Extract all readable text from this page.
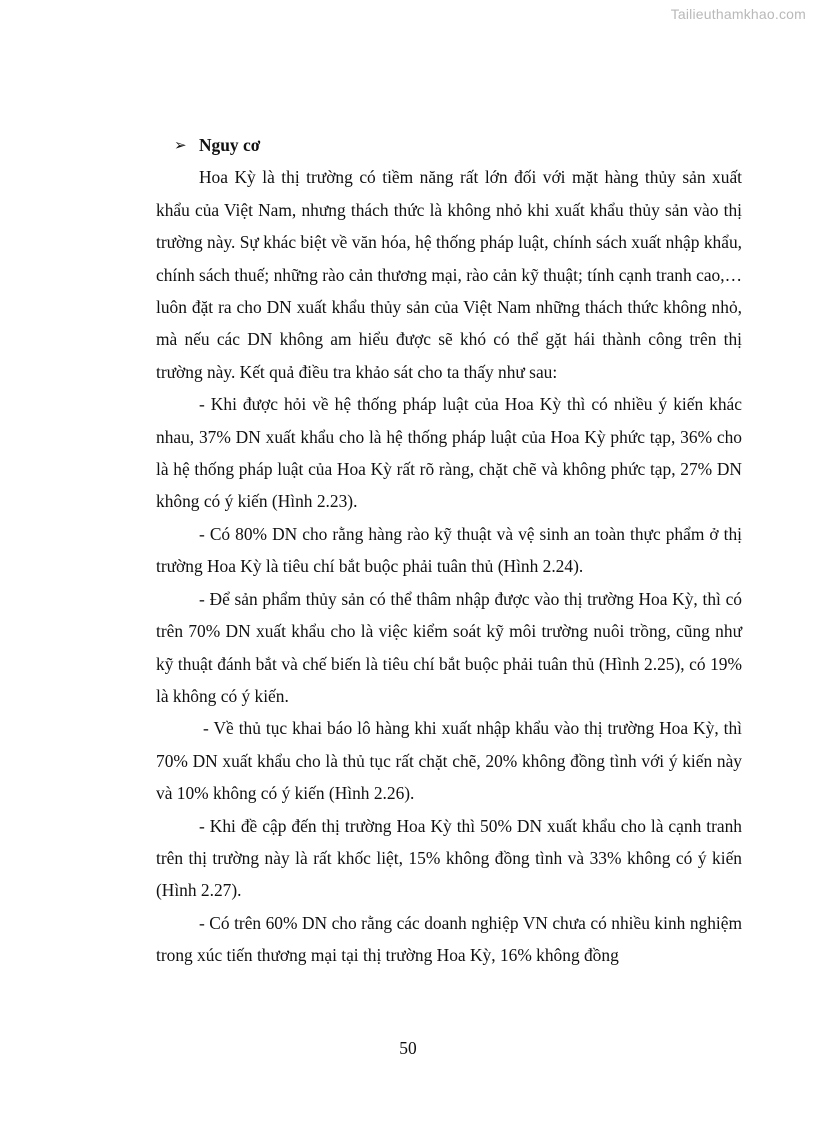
Tailieuthamkhao.com
➢ Nguy cơ

Hoa Kỳ là thị trường có tiềm năng rất lớn đối với mặt hàng thủy sản xuất khẩu của Việt Nam, nhưng thách thức là không nhỏ khi xuất khẩu thủy sản vào thị trường này. Sự khác biệt về văn hóa, hệ thống pháp luật, chính sách xuất nhập khẩu, chính sách thuế; những rào cản thương mại, rào cản kỹ thuật; tính cạnh tranh cao,… luôn đặt ra cho DN xuất khẩu thủy sản của Việt Nam những thách thức không nhỏ, mà nếu các DN không am hiểu được sẽ khó có thể gặt hái thành công trên thị trường này. Kết quả điều tra khảo sát cho ta thấy như sau:

- Khi được hỏi về hệ thống pháp luật của Hoa Kỳ thì có nhiều ý kiến khác nhau, 37% DN xuất khẩu cho là hệ thống pháp luật của Hoa Kỳ phức tạp, 36% cho là hệ thống pháp luật của Hoa Kỳ rất rõ ràng, chặt chẽ và không phức tạp, 27% DN không có ý kiến (Hình 2.23).

- Có 80% DN cho rằng hàng rào kỹ thuật và vệ sinh an toàn thực phẩm ở thị trường Hoa Kỳ là tiêu chí bắt buộc phải tuân thủ (Hình 2.24).

- Để sản phẩm thủy sản có thể thâm nhập được vào thị trường Hoa Kỳ, thì có trên 70% DN xuất khẩu cho là việc kiểm soát kỹ môi trường nuôi trồng, cũng như kỹ thuật đánh bắt và chế biến là tiêu chí bắt buộc phải tuân thủ (Hình 2.25), có 19% là không có ý kiến.

- Về thủ tục khai báo lô hàng khi xuất nhập khẩu vào thị trường Hoa Kỳ, thì 70% DN xuất khẩu cho là thủ tục rất chặt chẽ, 20% không đồng tình với ý kiến này và 10% không có ý kiến (Hình 2.26).

- Khi đề cập đến thị trường Hoa Kỳ thì 50% DN xuất khẩu cho là cạnh tranh trên thị trường này là rất khốc liệt, 15% không đồng tình và 33% không có ý kiến (Hình 2.27).

- Có trên 60% DN cho rằng các doanh nghiệp VN chưa có nhiều kinh nghiệm trong xúc tiến thương mại tại thị trường Hoa Kỳ, 16% không đồng

50
